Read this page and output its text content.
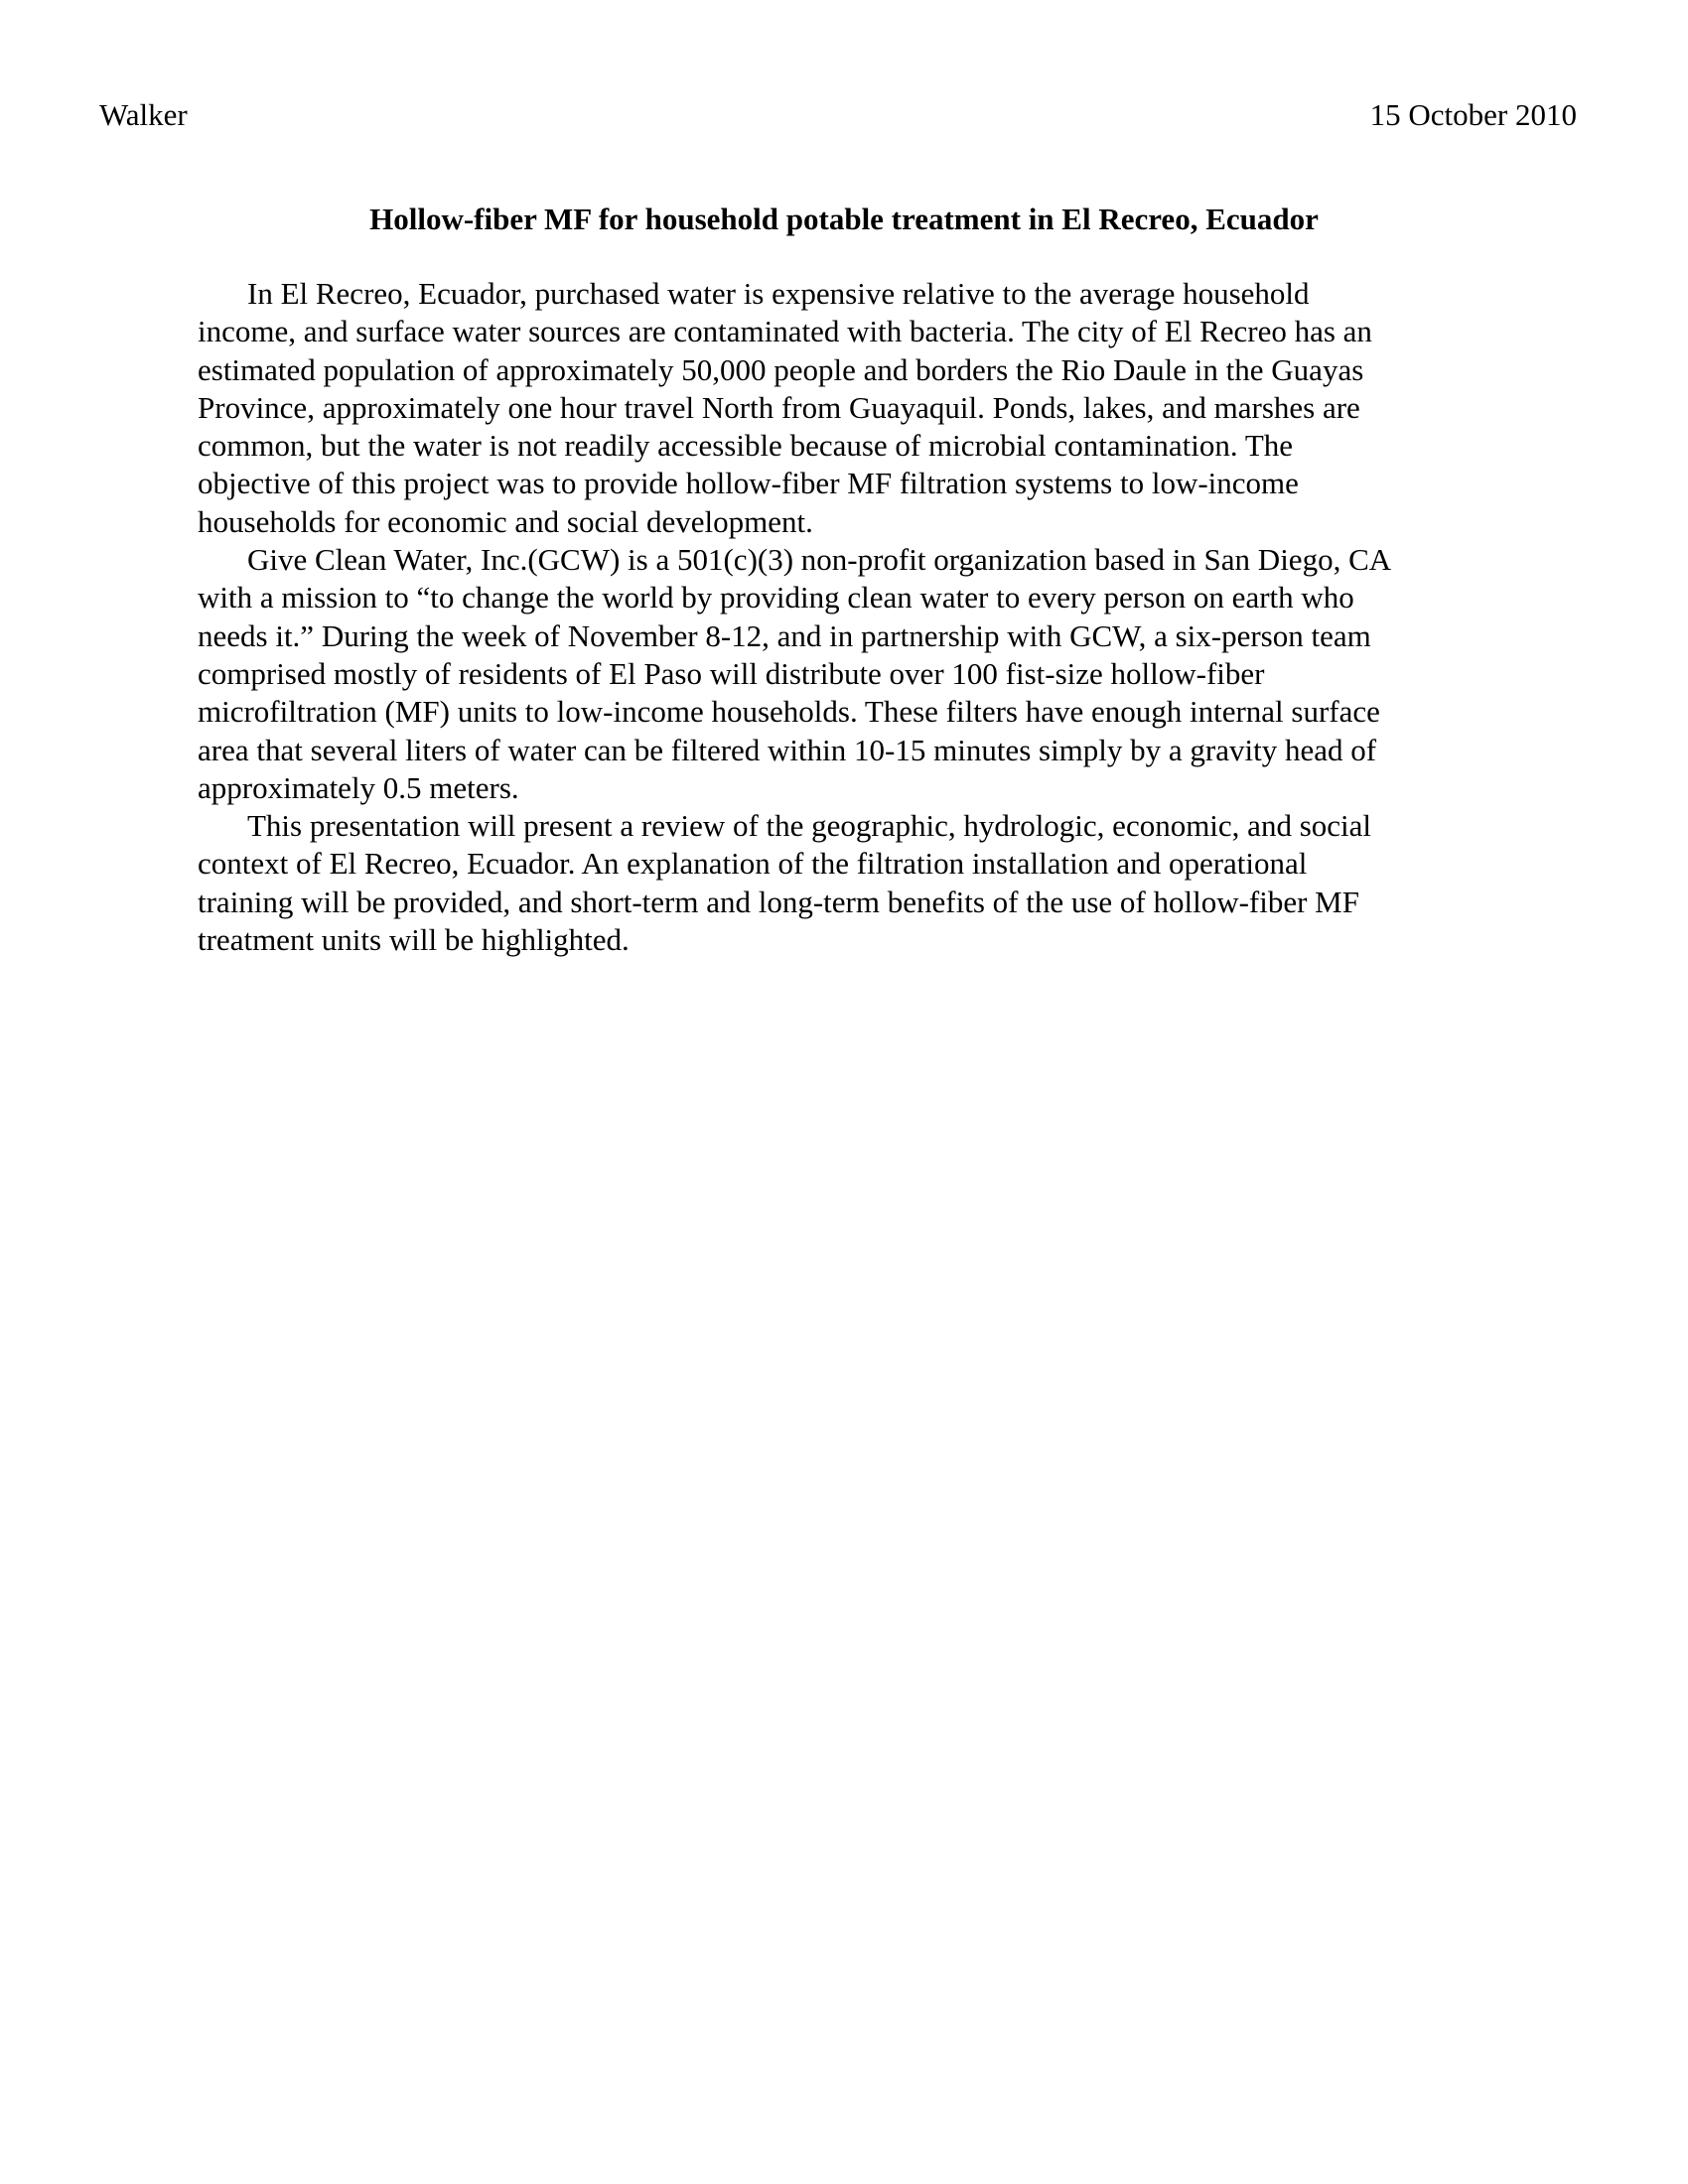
Walker	15 October 2010
Hollow-fiber MF for household potable treatment in El Recreo, Ecuador
In El Recreo, Ecuador, purchased water is expensive relative to the average household
income, and surface water sources are contaminated with bacteria. The city of El Recreo has an
estimated population of approximately 50,000 people and borders the Rio Daule in the Guayas
Province, approximately one hour travel North from Guayaquil. Ponds, lakes, and marshes are
common, but the water is not readily accessible because of microbial contamination. The
objective of this project was to provide hollow-fiber MF filtration systems to low-income
households for economic and social development.
Give Clean Water, Inc.(GCW) is a 501(c)(3) non-profit organization based in San Diego, CA
with a mission to “to change the world by providing clean water to every person on earth who
needs it.” During the week of November 8-12, and in partnership with GCW, a six-person team
comprised mostly of residents of El Paso will distribute over 100 fist-size hollow-fiber
microfiltration (MF) units to low-income households. These filters have enough internal surface
area that several liters of water can be filtered within 10-15 minutes simply by a gravity head of
approximately 0.5 meters.
This presentation will present a review of the geographic, hydrologic, economic, and social
context of El Recreo, Ecuador. An explanation of the filtration installation and operational
training will be provided, and short-term and long-term benefits of the use of hollow-fiber MF
treatment units will be highlighted.
